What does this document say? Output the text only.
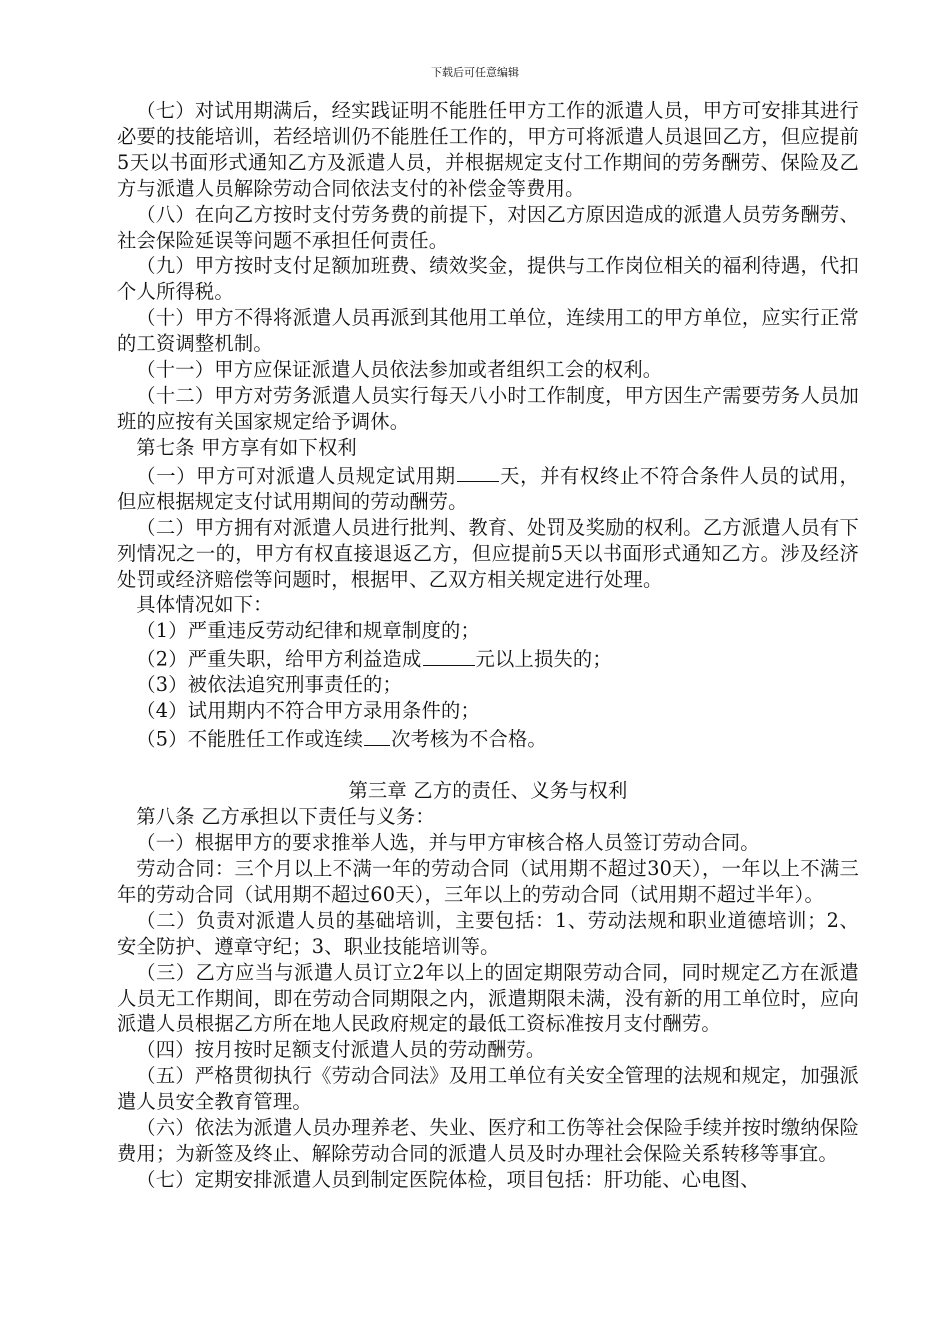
下载后可任意编辑

（七）对试用期满后，经实践证明不能胜任甲方工作的派遣人员，甲方可安排其进行必要的技能培训，若经培训仍不能胜任工作的，甲方可将派遣人员退回乙方，但应提前5天以书面形式通知乙方及派遣人员，并根据规定支付工作期间的劳务酬劳、保险及乙方与派遣人员解除劳动合同依法支付的补偿金等费用。

（八）在向乙方按时支付劳务费的前提下，对因乙方原因造成的派遣人员劳务酬劳、社会保险延误等问题不承担任何责任。

（九）甲方按时支付足额加班费、绩效奖金，提供与工作岗位相关的福利待遇，代扣个人所得税。

（十）甲方不得将派遣人员再派到其他用工单位，连续用工的甲方单位，应实行正常的工资调整机制。

（十一）甲方应保证派遣人员依法参加或者组织工会的权利。

（十二）甲方对劳务派遣人员实行每天八小时工作制度，甲方因生产需要劳务人员加班的应按有关国家规定给予调休。

第七条 甲方享有如下权利

（一）甲方可对派遣人员规定试用期 天，并有权终止不符合条件人员的试用，但应根据规定支付试用期间的劳动酬劳。

（二）甲方拥有对派遣人员进行批判、教育、处罚及奖励的权利。乙方派遣人员有下列情况之一的，甲方有权直接退返乙方，但应提前5天以书面形式通知乙方。涉及经济处罚或经济赔偿等问题时，根据甲、乙双方相关规定进行处理。

具体情况如下：

（1）严重违反劳动纪律和规章制度的；

（2）严重失职，给甲方利益造成	元以上损失的；

（3）被依法追究刑事责任的；

（4）试用期内不符合甲方录用条件的；

（5）不能胜任工作或连续 次考核为不合格。

第三章 乙方的责任、义务与权利

第八条 乙方承担以下责任与义务：

（一）根据甲方的要求推举人选，并与甲方审核合格人员签订劳动合同。

劳动合同：三个月以上不满一年的劳动合同（试用期不超过30天），一年以上不满三年的劳动合同（试用期不超过60天），三年以上的劳动合同（试用期不超过半年）。

（二）负责对派遣人员的基础培训，主要包括：1、劳动法规和职业道德培训；2、安全防护、遵章守纪；3、职业技能培训等。

（三）乙方应当与派遣人员订立2年以上的固定期限劳动合同，同时规定乙方在派遣人员无工作期间，即在劳动合同期限之内，派遣期限未满，没有新的用工单位时，应向派遣人员根据乙方所在地人民政府规定的最低工资标准按月支付酬劳。

（四）按月按时足额支付派遣人员的劳动酬劳。

（五）严格贯彻执行《劳动合同法》及用工单位有关安全管理的法规和规定，加强派遣人员安全教育管理。

（六）依法为派遣人员办理养老、失业、医疗和工伤等社会保险手续并按时缴纳保险费用；为新签及终止、解除劳动合同的派遣人员及时办理社会保险关系转移等事宜。

（七）定期安排派遣人员到制定医院体检，项目包括：肝功能、心电图、
